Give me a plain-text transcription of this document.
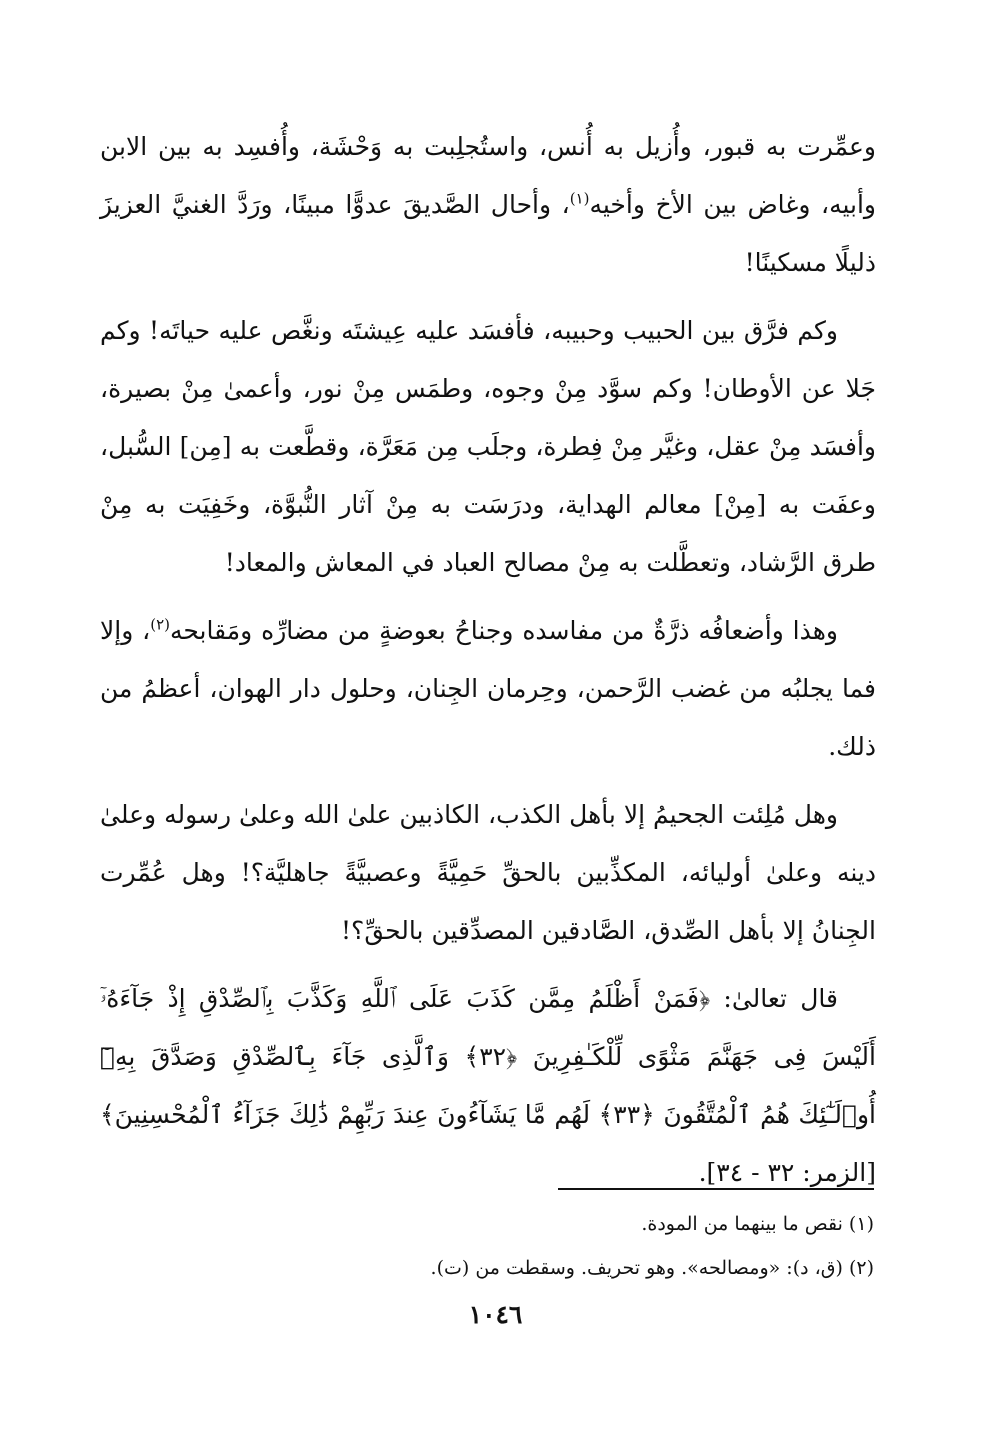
وعمِّرت به قبور، وأُزيل به أُنس، واستُجلِبت به وَحْشَة، وأُفسِد به بين الابن وأبيه، وغاض بين الأخ وأخيه$^{(١)}$، وأحال الصَّديقَ عدوًّا مبينًا، ورَدَّ الغنيَّ العزيزَ ذليلًا مسكينًا!

وكم فرَّق بين الحبيب وحبيبه، فأفسَد عليه عِيشتَه ونغَّص عليه حياتَه! وكم جَلا عن الأوطان! وكم سوَّد مِنْ وجوه، وطمَس مِنْ نور، وأعمىٰ مِنْ بصيرة، وأفسَد مِنْ عقل، وغيَّر مِنْ فِطرة، وجلَب مِن مَعَرَّة، وقطَّعت به [مِن] السُّبل، وعفَت به [مِنْ] معالم الهداية، ودرَسَت به مِنْ آثار النُّبوَّة، وخَفِيَت به مِنْ طرق الرَّشاد، وتعطَّلت به مِنْ مصالح العباد في المعاش والمعاد!

وهذا وأضعافُه ذرَّةٌ من مفاسده وجناحُ بعوضةٍ من مضارِّه ومَقابحه$^{(٢)}$، وإلا فما يجلبُه من غضب الرَّحمن، وحِرمان الجِنان، وحلول دار الهوان، أعظمُ من ذلك.

وهل مُلِئت الجحيمُ إلا بأهل الكذب، الكاذبين علىٰ الله وعلىٰ رسوله وعلىٰ دينه وعلىٰ أوليائه، المكذِّبين بالحقِّ حَمِيَّةً وعصبيَّةً جاهليَّة؟! وهل عُمِّرت الجِنانُ إلا بأهل الصِّدق، الصَّادقين المصدِّقين بالحقِّ؟!

قال تعالىٰ: ﴿فَمَنْ أَظْلَمُ مِمَّن كَذَبَ عَلَى ٱللَّهِ وَكَذَّبَ بِٱلصِّدْقِ إِذْ جَآءَهُۥٓ أَلَيْسَ فِى جَهَنَّمَ مَثْوًى لِّلْكَـٰفِرِينَ ﴿٣٢﴾ وَٱلَّذِى جَآءَ بِٱلصِّدْقِ وَصَدَّقَ بِهِۦٓ أُو۟لَـٰٓئِكَ هُمُ ٱلْمُتَّقُونَ ﴿٣٣﴾ لَهُم مَّا يَشَآءُونَ عِندَ رَبِّهِمْ ذَٰلِكَ جَزَآءُ ٱلْمُحْسِنِينَ﴾ [الزمر: ٣٢ - ٣٤].

(١) نقص ما بينهما من المودة.

(٢) (ق، د): «ومصالحه». وهو تحريف. وسقطت من (ت).

١٠٤٦
